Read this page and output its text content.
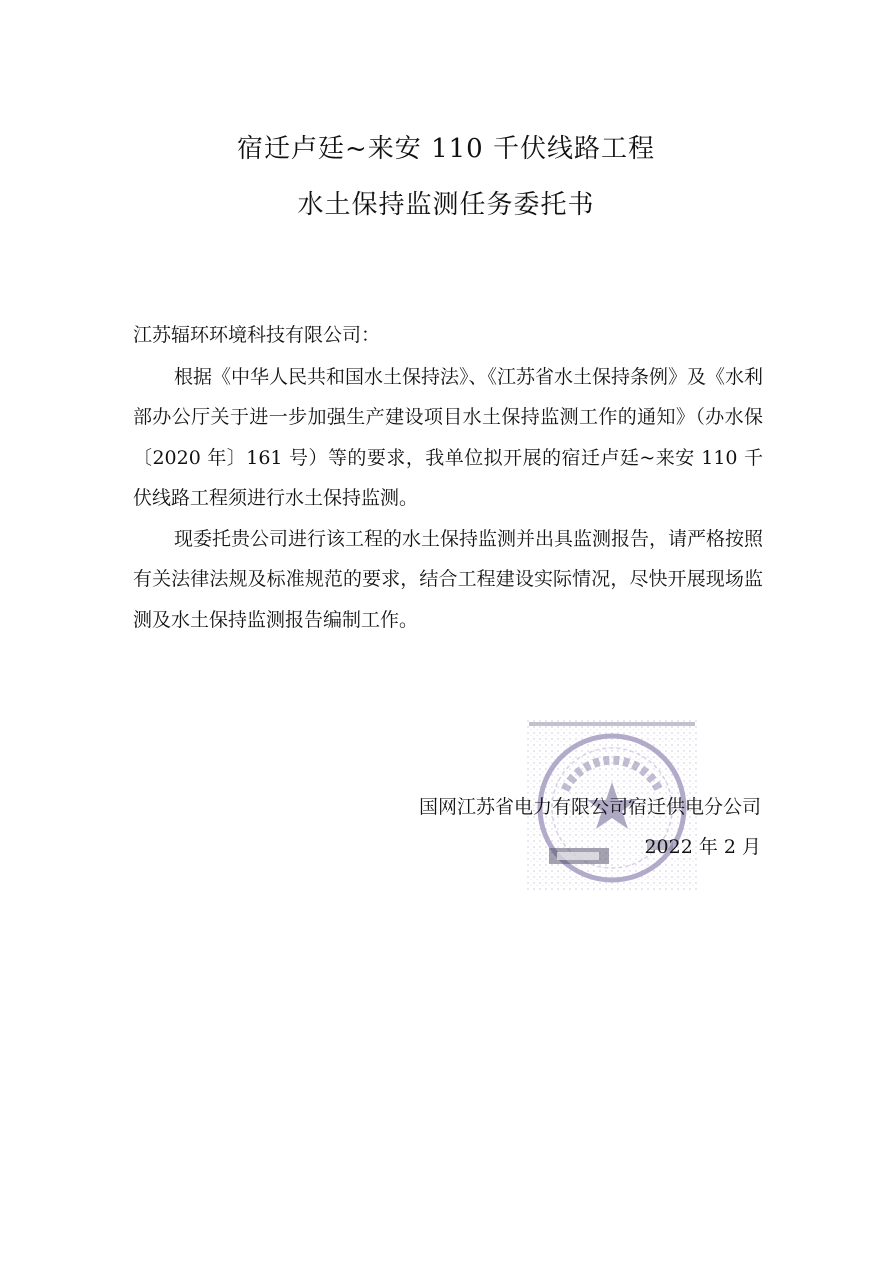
宿迁卢廷~来安 110 千伏线路工程
水土保持监测任务委托书
江苏辐环环境科技有限公司：

根据《中华人民共和国水土保持法》、《江苏省水土保持条例》及《水利部办公厅关于进一步加强生产建设项目水土保持监测工作的通知》（办水保〔2020 年〕161 号）等的要求，我单位拟开展的宿迁卢廷~来安 110 千伏线路工程须进行水土保持监测。

现委托贵公司进行该工程的水土保持监测并出具监测报告，请严格按照有关法律法规及标准规范的要求，结合工程建设实际情况，尽快开展现场监测及水土保持监测报告编制工作。

国网江苏省电力有限公司宿迁供电分公司
2022 年 2 月
